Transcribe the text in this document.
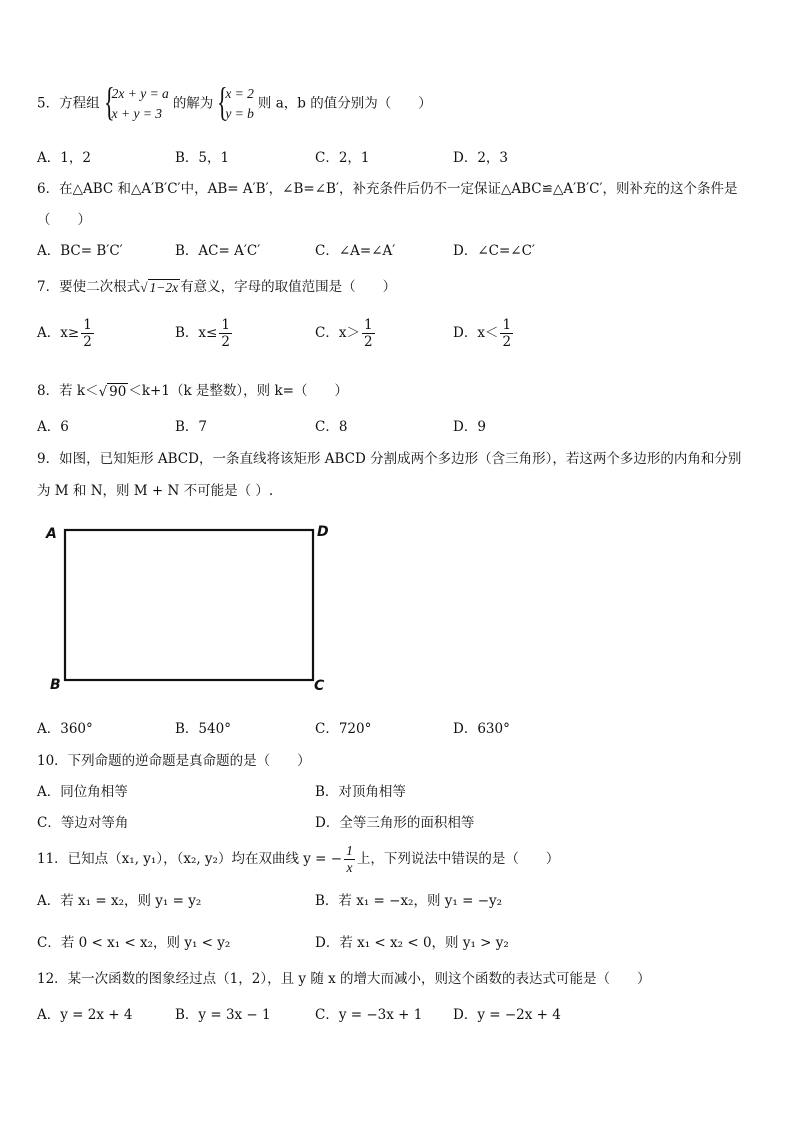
5．方程组 {
2x + y = a
x + y = 3
的解为 {
x = 2
y = b
则 a，b 的值分别为（　　）
A．1，2	B．5，1	C．2，1	D．2，3
6．在△ABC 和△A′B′C′中，AB= A′B′，∠B=∠B′，补充条件后仍不一定保证△ABC≌△A′B′C′，则补充的这个条件是
（　　）
A．BC= B′C′	B．AC= A′C′	C．∠A=∠A′	D．∠C=∠C′
7．要使二次根式√ 1−2x 有意义，字母的取值范围是（　　）
A．$x\ge \frac{1}{2}$	B．$x\le \frac{1}{2}$	C．$x> \frac{1}{2}$	D．$x< \frac{1}{2}$
8．若 k＜√ 90 ＜k+1（k 是整数），则 k=（　　）
A．6	B．7	C．8	D．9
9．如图，已知矩形 ABCD，一条直线将该矩形 ABCD 分割成两个多边形（含三角形），若这两个多边形的内角和分别
为 M 和 N，则 M + N 不可能是（ ）.
A	D
B	C
A．360°	B．540°	C．720°	D．630°
10．下列命题的逆命题是真命题的是（　　）
A．同位角相等	B．对顶角相等
C．等边对等角	D．全等三角形的面积相等
11．已知点（x₁, y₁），（x₂, y₂）均在双曲线 y = − $\frac{1}{x}$ 上，下列说法中错误的是（　　）
A．若 x₁ = x₂，则 y₁ = y₂	B．若 x₁ = −x₂，则 y₁ = −y₂
C．若 0 < x₁ < x₂，则 y₁ < y₂	D．若 x₁ < x₂ < 0，则 y₁ > y₂
12．某一次函数的图象经过点（1，2），且 y 随 x 的增大而减小，则这个函数的表达式可能是（　　）
A．y = 2x + 4	B．y = 3x − 1	C．y = −3x + 1 D．y = −2x + 4
